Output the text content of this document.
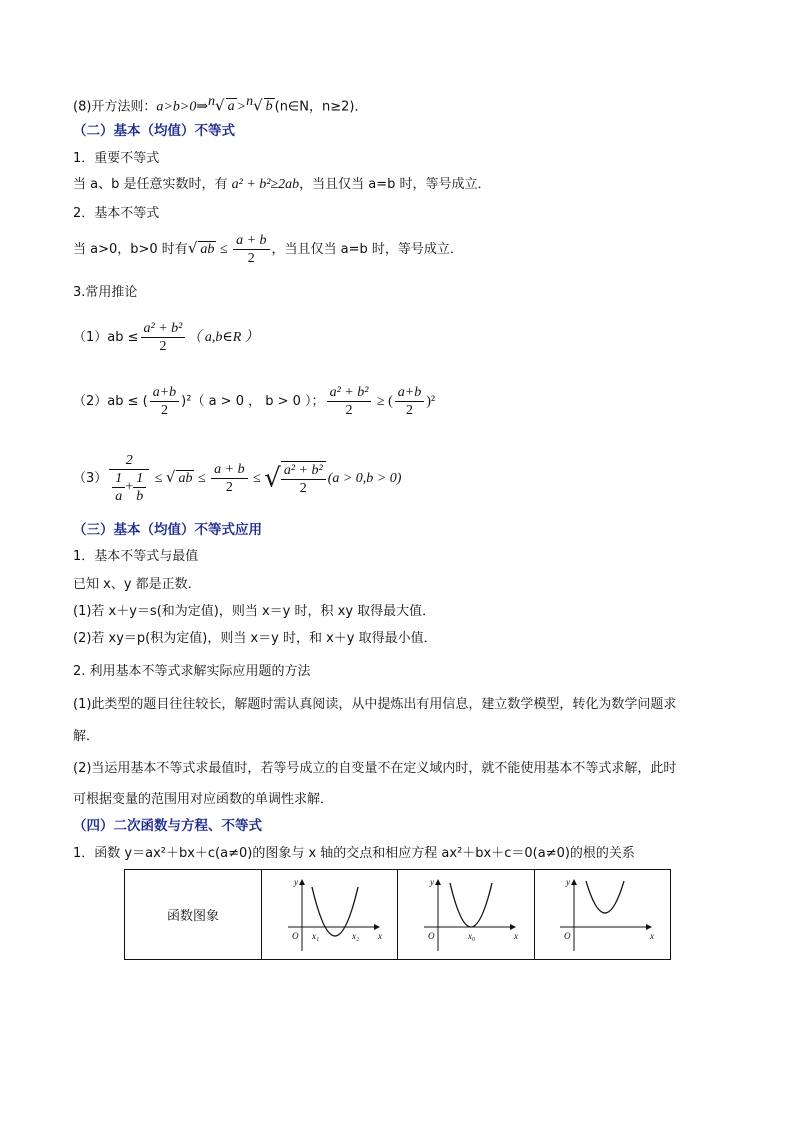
(8)开方法则：a>b>0⇒$^n$√ a >$^n$√ b (n∈N，n≥2)．
（二）基本（均值）不等式
1．重要不等式
当 a、b 是任意实数时，有 a² + b²≥2ab，当且仅当 a=b 时，等号成立．
2．基本不等式
当 a>0，b>0 时有√ ab ≤ $\frac{a + b}{2}$ ，当且仅当 a=b 时，等号成立．
3.常用推论
$(1)ab \le \frac{\text{a² + b²}}{2}$ （ a,b∈R ）
（2）ab ≤ ( $\frac{a+b}{2} )^2$（ a > 0 ， b > 0 ）； $\frac{\text{a² + b²}}{2}$ ≥ ( $\frac{a+b}{2} )^2$
$(3) \frac{2}{\frac{1}{a} + \frac{1}{b}}$ ≤ √ ab ≤ $\frac{a + b}{2}$ ≤ √ $\frac{\text{a² + b²}}{2} (a > 0,b > 0)$
（三）基本（均值）不等式应用
1．基本不等式与最值
已知 x、y 都是正数．
(1)若 x＋y＝s(和为定值)，则当 x＝y 时，积 xy 取得最大值．
(2)若 xy＝p(积为定值)，则当 x＝y 时，和 x＋y 取得最小值．
2. 利用基本不等式求解实际应用题的方法
(1)此类型的题目往往较长，解题时需认真阅读，从中提炼出有用信息，建立数学模型，转化为数学问题求
解．
(2)当运用基本不等式求最值时，若等号成立的自变量不在定义域内时，就不能使用基本不等式求解，此时
可根据变量的范围用对应函数的单调性求解．
（四）二次函数与方程、不等式
1．函数 y＝ax²＋bx＋c(a≠0)的图象与 x 轴的交点和相应方程 ax²＋bx＋c＝0(a≠0)的根的关系
函数图象	
y
x
O x₁	x₂

y
x
O	x₀

y
x
O
